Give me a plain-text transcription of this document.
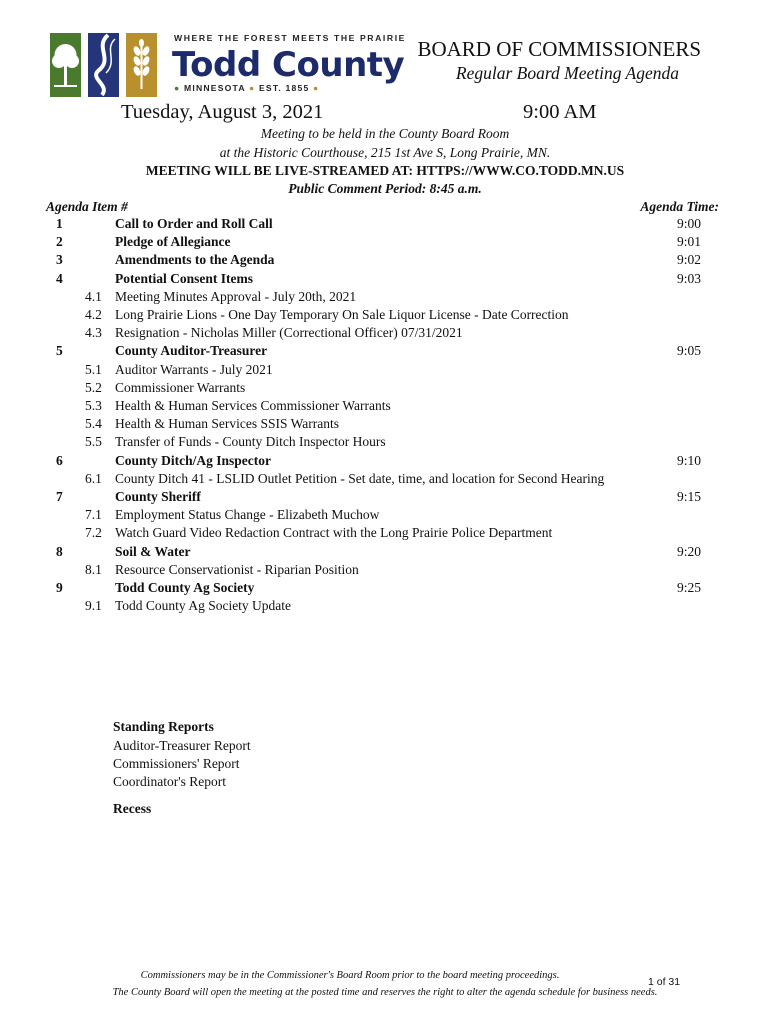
WHERE THE FOREST MEETS THE PRAIRIE
Todd County
● MINNESOTA ● EST. 1855 ●
BOARD OF COMMISSIONERS
Regular Board Meeting Agenda
Tuesday, August 3, 2021	9:00 AM
Meeting to be held in the County Board Room
at the Historic Courthouse, 215 1st Ave S, Long Prairie, MN.
MEETING WILL BE LIVE-STREAMED AT: HTTPS://WWW.CO.TODD.MN.US
Public Comment Period: 8:45 a.m.
Agenda Item #	Agenda Time:
1	Call to Order and Roll Call	9:00
2	Pledge of Allegiance	9:01
3	Amendments to the Agenda	9:02
4	Potential Consent Items	9:03
4.1 Meeting Minutes Approval - July 20th, 2021
4.2 Long Prairie Lions - One Day Temporary On Sale Liquor License - Date Correction
4.3 Resignation - Nicholas Miller (Correctional Officer) 07/31/2021
5	County Auditor-Treasurer	9:05
5.1 Auditor Warrants - July 2021
5.2 Commissioner Warrants
5.3 Health & Human Services Commissioner Warrants
5.4 Health & Human Services SSIS Warrants
5.5 Transfer of Funds - County Ditch Inspector Hours
6	County Ditch/Ag Inspector	9:10
6.1 County Ditch 41 - LSLID Outlet Petition - Set date, time, and location for Second Hearing
7	County Sheriff	9:15
7.1 Employment Status Change - Elizabeth Muchow
7.2 Watch Guard Video Redaction Contract with the Long Prairie Police Department
8	Soil & Water	9:20
8.1 Resource Conservationist - Riparian Position
9	Todd County Ag Society	9:25
9.1 Todd County Ag Society Update
Standing Reports
Auditor-Treasurer Report
Commissioners' Report
Coordinator's Report
Recess
Commissioners may be in the Commissioner's Board Room prior to the board meeting proceedings.
1 of 31
The County Board will open the meeting at the posted time and reserves the right to alter the agenda schedule for business needs.
